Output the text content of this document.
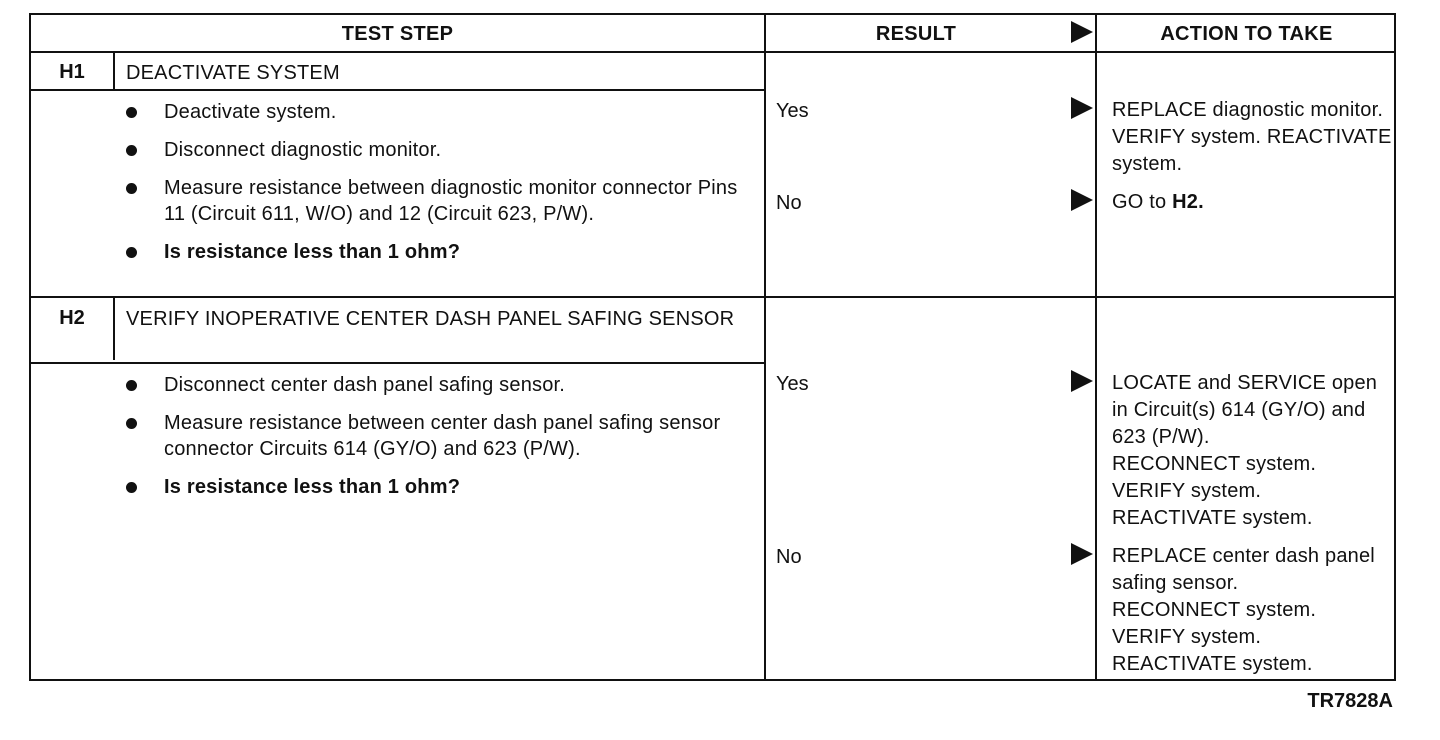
TEST STEP	RESULT	ACTION TO TAKE
H1	DEACTIVATE SYSTEM
Deactivate system.
Disconnect diagnostic monitor.
Measure resistance between diagnostic monitor connector Pins 11 (Circuit 611, W/O) and 12 (Circuit 623, P/W).
Is resistance less than 1 ohm?
Yes	REPLACE diagnostic monitor. VERIFY system. REACTIVATE system.
No	GO to H2.
H2	VERIFY INOPERATIVE CENTER DASH PANEL SAFING SENSOR
Disconnect center dash panel safing sensor.
Measure resistance between center dash panel safing sensor connector Circuits 614 (GY/O) and 623 (P/W).
Is resistance less than 1 ohm?
Yes	LOCATE and SERVICE open in Circuit(s) 614 (GY/O) and 623 (P/W).
RECONNECT system.
VERIFY system.
REACTIVATE system.
No	REPLACE center dash panel safing sensor.
RECONNECT system.
VERIFY system.
REACTIVATE system.
TR7828A
